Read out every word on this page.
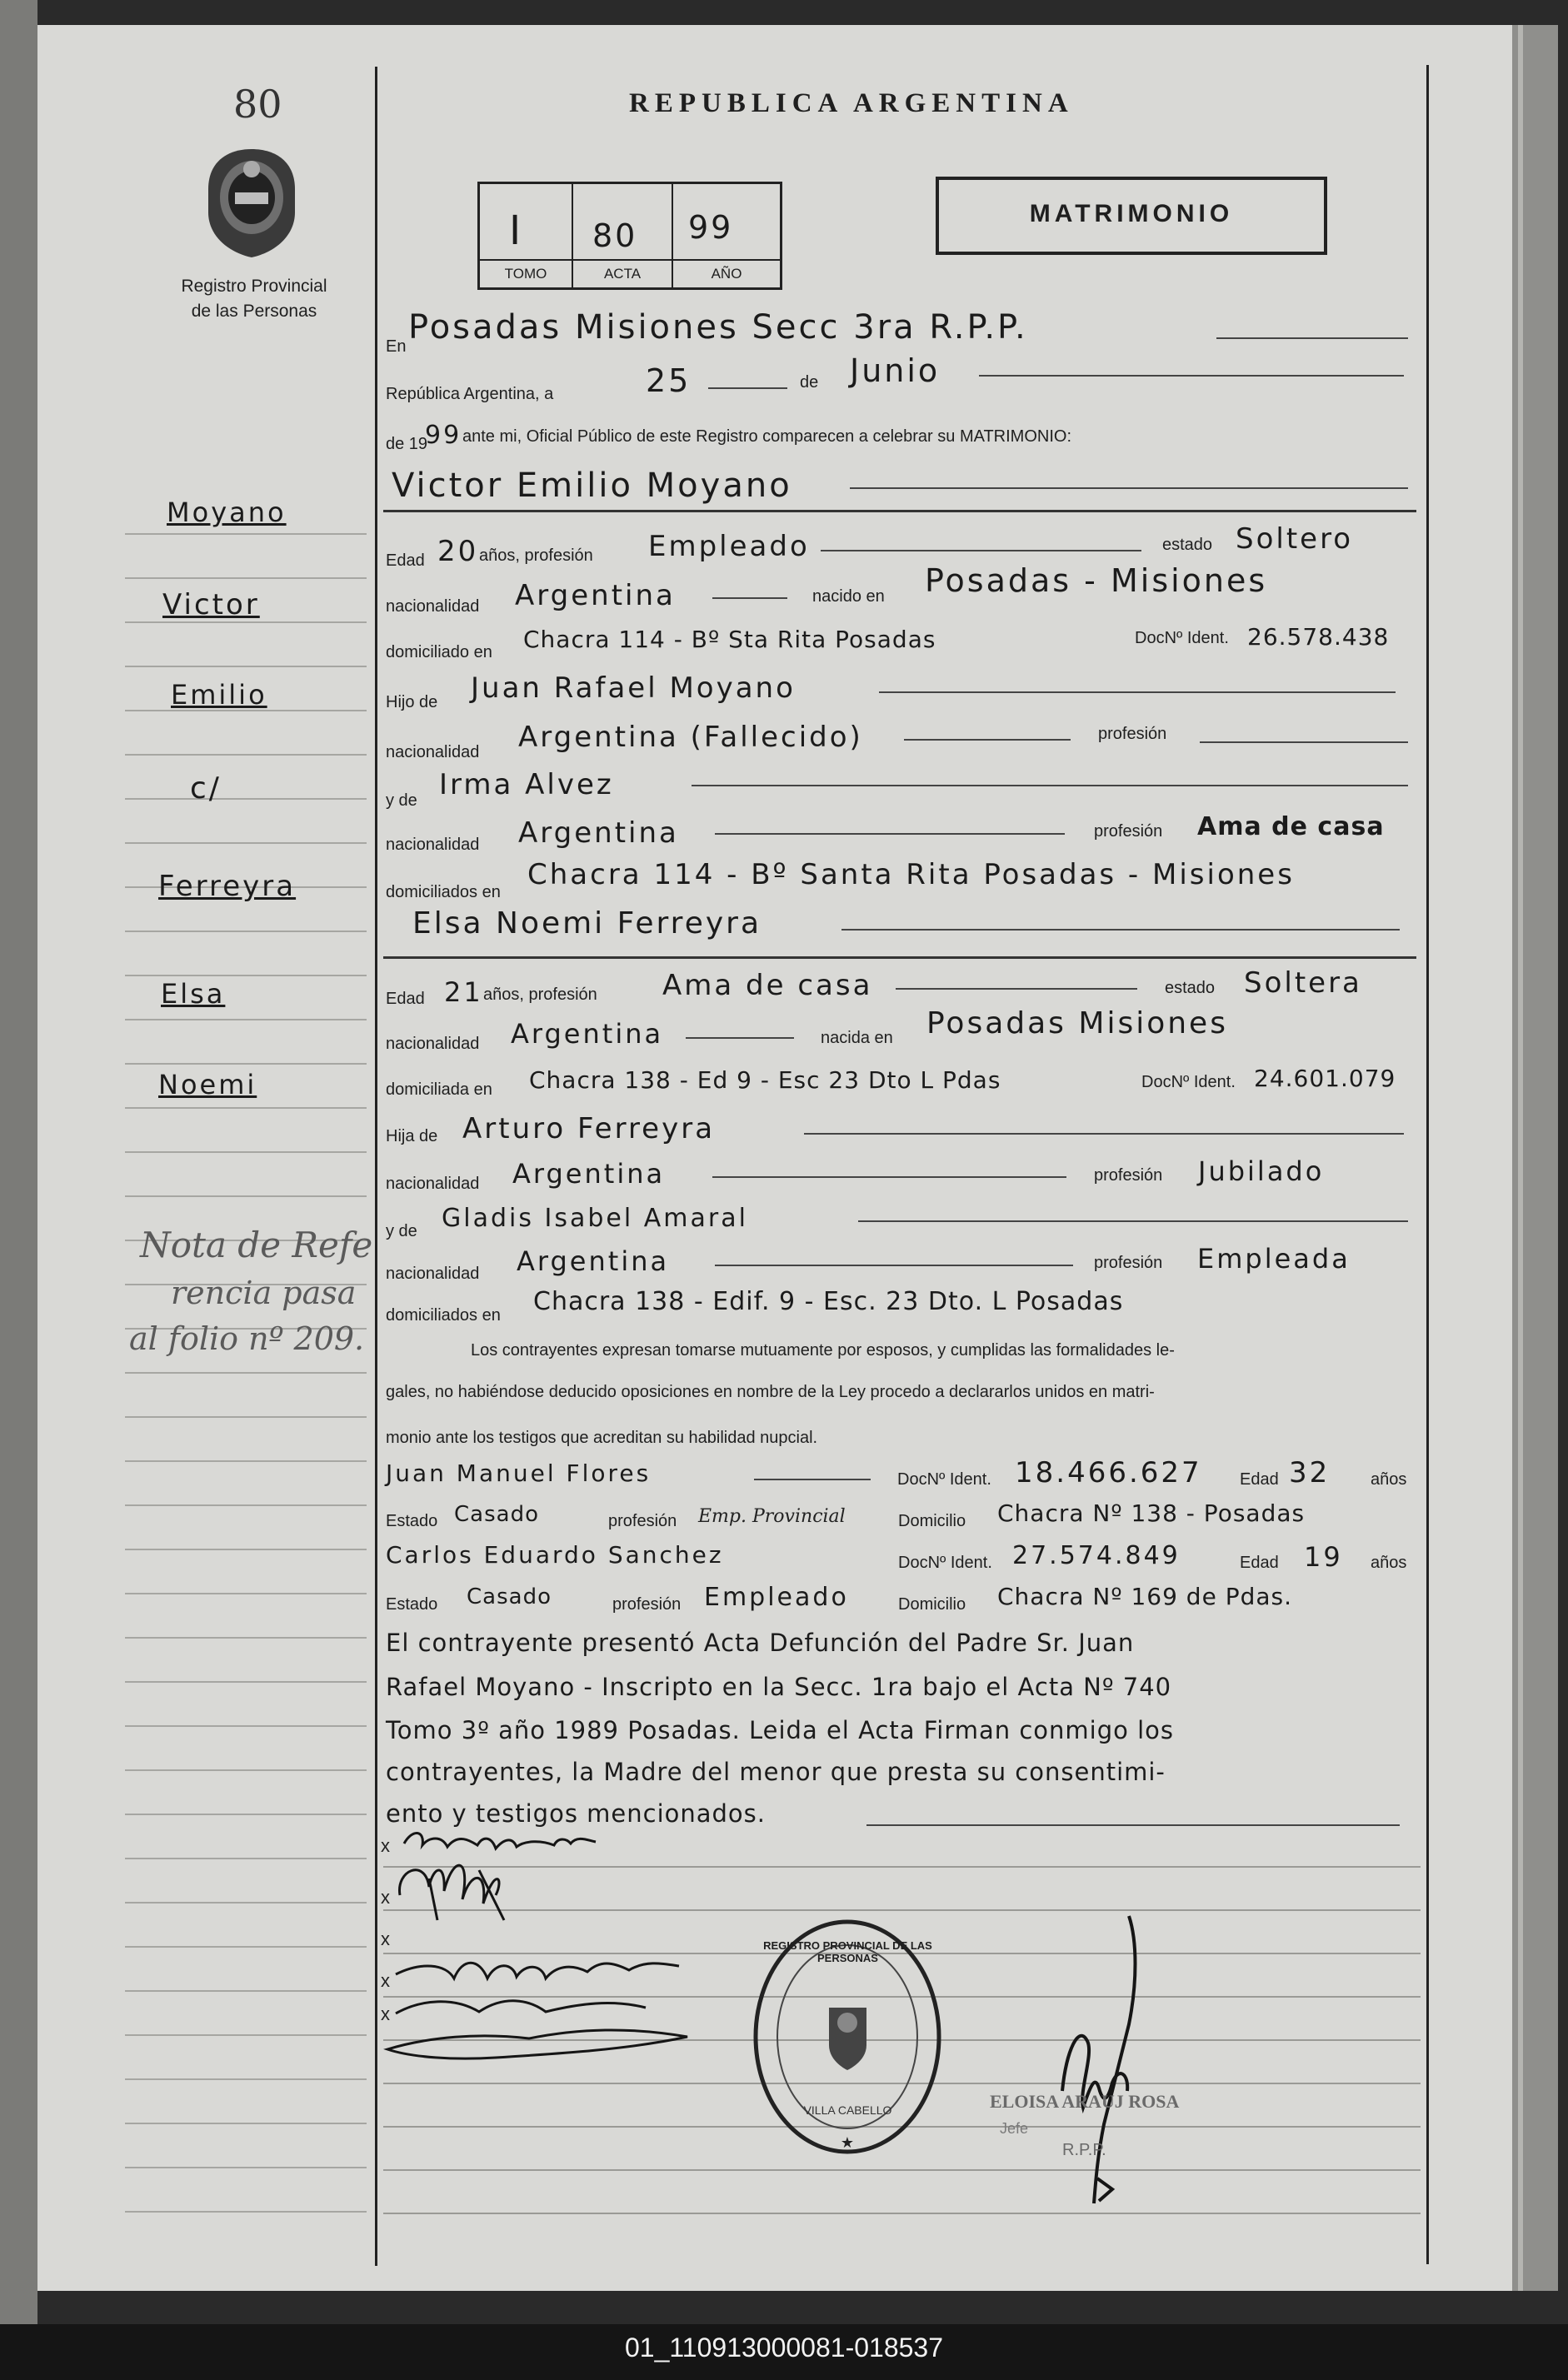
80
Registro Provincial
de las Personas
REPUBLICA ARGENTINA
I 80 99
TOMO	ACTA	AÑO
MATRIMONIO
En Posadas Misiones Secc 3ra R.P.P.
República Argentina, a	25	de Junio
de 19
99 ante mi, Oficial Público de este Registro comparecen a celebrar su MATRIMONIO:
Victor Emilio Moyano
Edad 20 años, profesión Empleado	estado Soltero
nacionalidad Argentina	nacido en Posadas - Misiones
domiciliado en Chacra 114 - Bº Sta Rita Posadas	DocNº Ident. 26.578.438
Hijo de Juan Rafael Moyano
nacionalidad Argentina (Fallecido)	profesión
y de Irma Alvez
nacionalidad Argentina	profesión Ama de casa
domiciliados en
Chacra 114 - Bº Santa Rita Posadas - Misiones
Elsa Noemi Ferreyra
Edad 21 años, profesión Ama de casa	estado Soltera
nacionalidad Argentina	nacida en Posadas Misiones
domiciliada en Chacra 138 - Ed 9 - Esc 23 Dto L Pdas	DocNº Ident. 24.601.079
Hija de Arturo Ferreyra
nacionalidad Argentina	profesión Jubilado
y de Gladis Isabel Amaral
nacionalidad Argentina	profesión Empleada
domiciliados en Chacra 138 - Edif. 9 - Esc. 23 Dto. L Posadas
Los contrayentes expresan tomarse mutuamente por esposos, y cumplidas las formalidades le-
gales, no habiéndose deducido oposiciones en nombre de la Ley procedo a declararlos unidos en matri-
monio ante los testigos que acreditan su habilidad nupcial.
Juan Manuel Flores	DocNº Ident. 18.466.627 Edad 32 años
Estado Casado	profesión Emp. Provincial	Domicilio Chacra Nº 138 - Posadas
Carlos Eduardo Sanchez	DocNº Ident. 27.574.849	Edad 19 años
Estado Casado	profesión Empleado	Domicilio Chacra Nº 169 de Pdas.
El contrayente presentó Acta Defunción del Padre Sr. Juan
Rafael Moyano - Inscripto en la Secc. 1ra bajo el Acta Nº 740
Tomo 3º año 1989 Posadas. Leida el Acta Firman conmigo los
contrayentes, la Madre del menor que presta su consentimi-
ento y testigos mencionados.
Moyano
Victor
Emilio
c/
Ferreyra
Elsa
Noemi
Nota de Refe
rencia pasa
al folio nº 209.
x
x
x
x
x
★
REGISTRO PROVINCIAL DE LAS PERSONAS
VILLA CABELLO	ELOISA ARAUJ ROSA
Jefe
R.P.P.
01_110913000081-018537
